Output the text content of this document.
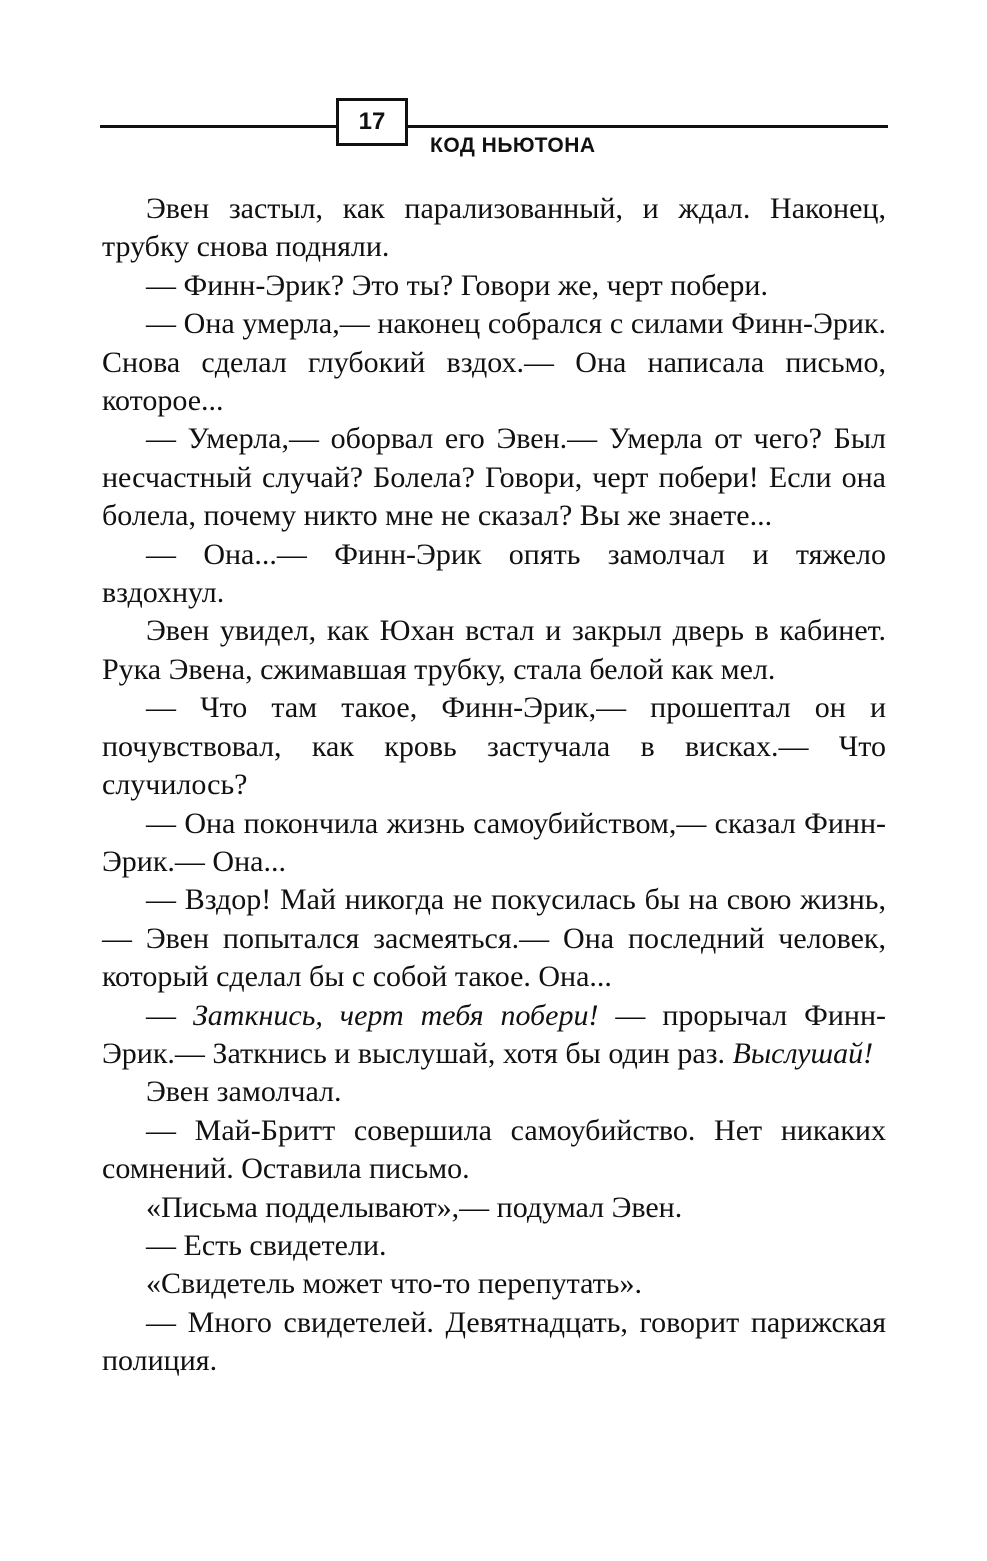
17
КОД НЬЮТОНА

Эвен застыл, как парализованный, и ждал. Наконец, трубку снова подняли.

— Финн-Эрик? Это ты? Говори же, черт побери.

— Она умерла,— наконец собрался с силами Финн-Эрик. Снова сделал глубокий вздох.— Она написала письмо, которое...

— Умерла,— оборвал его Эвен.— Умерла от чего? Был несчастный случай? Болела? Говори, черт побери! Если она болела, почему никто мне не сказал? Вы же знаете...

— Она...— Финн-Эрик опять замолчал и тяжело вздохнул.

Эвен увидел, как Юхан встал и закрыл дверь в кабинет. Рука Эвена, сжимавшая трубку, стала белой как мел.

— Что там такое, Финн-Эрик,— прошептал он и почувствовал, как кровь застучала в висках.— Что случилось?

— Она покончила жизнь самоубийством,— сказал Финн-Эрик.— Она...

— Вздор! Май никогда не покусилась бы на свою жизнь,— Эвен попытался засмеяться.— Она последний человек, который сделал бы с собой такое. Она...

— Заткнись, черт тебя побери! — прорычал Финн-Эрик.— Заткнись и выслушай, хотя бы один раз. Выслушай!

Эвен замолчал.

— Май-Бритт совершила самоубийство. Нет никаких сомнений. Оставила письмо.

«Письма подделывают»,— подумал Эвен.

— Есть свидетели.

«Свидетель может что-то перепутать».

— Много свидетелей. Девятнадцать, говорит парижская полиция.
